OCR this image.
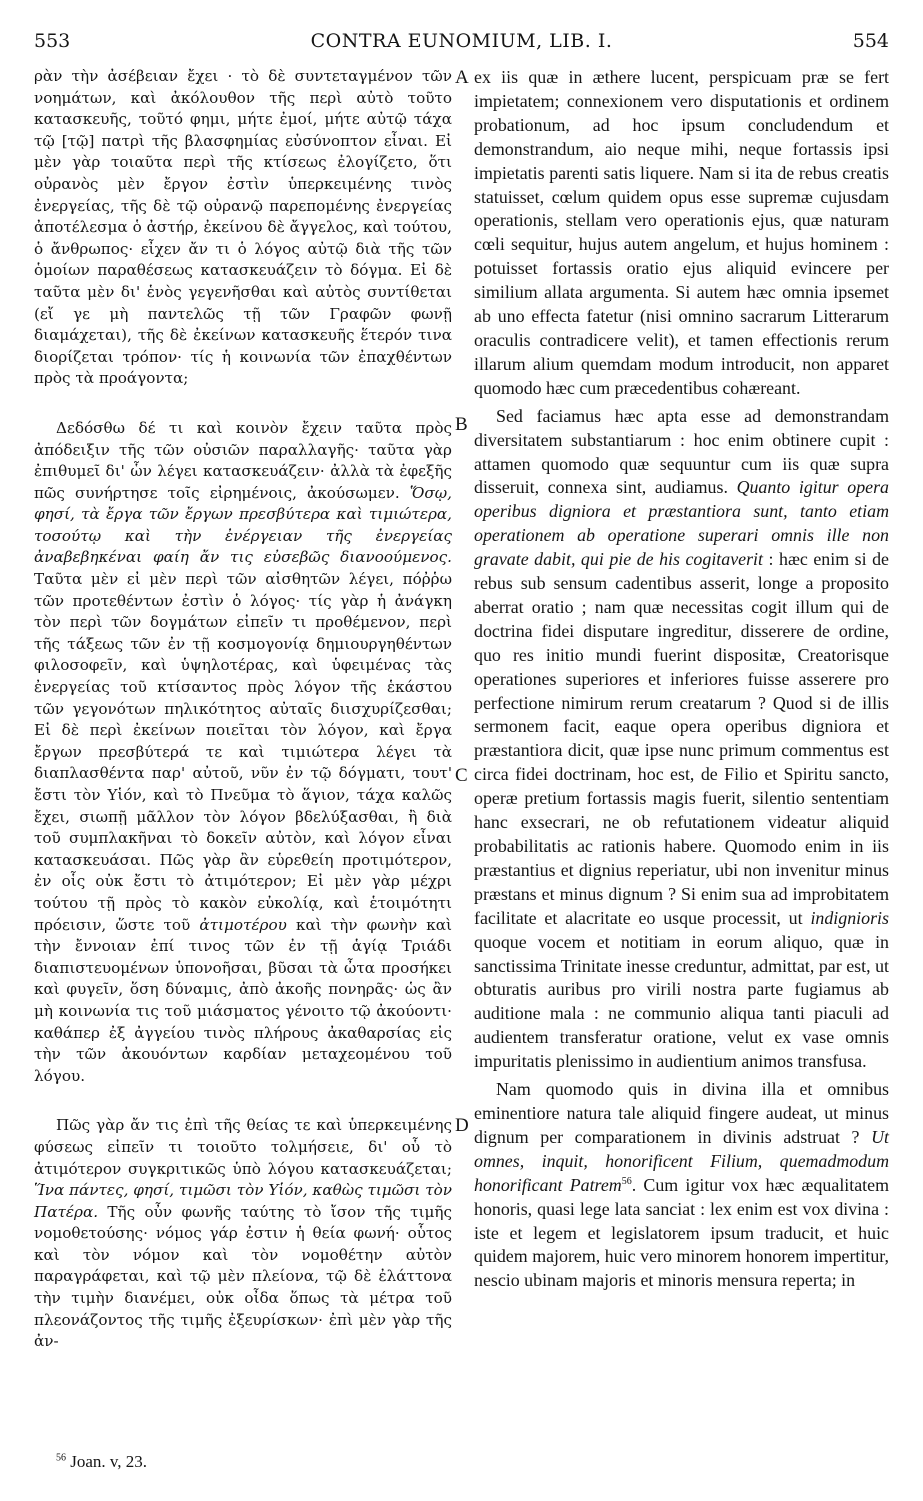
553	CONTRA EUNOMIUM, LIB. I.	554

ρὰν τὴν ἀσέβειαν ἔχει · τὸ δὲ συντεταγμένον τῶν νοημάτων, καὶ ἀκόλουθον τῆς περὶ αὐτὸ τοῦτο κατασκευῆς, τοῦτό φημι, μήτε ἐμοί, μήτε αὐτῷ τάχα τῷ [τῷ] πατρὶ τῆς βλασφημίας εὐσύνοπτον εἶναι. Εἰ μὲν γὰρ τοιαῦτα περὶ τῆς κτίσεως ἐλογίζετο, ὅτι οὐρανὸς μὲν ἔργον ἐστὶν ὑπερκειμένης τινὸς ἐνεργείας, τῆς δὲ τῷ οὐρανῷ παρεπομένης ἐνεργείας ἀποτέλεσμα ὁ ἀστήρ, ἐκείνου δὲ ἄγγελος, καὶ τούτου, ὁ ἄνθρωπος· εἶχεν ἄν τι ὁ λόγος αὐτῷ διὰ τῆς τῶν ὁμοίων παραθέσεως κατασκευάζειν τὸ δόγμα. Εἰ δὲ ταῦτα μὲν δι' ἑνὸς γεγενῆσθαι καὶ αὐτὸς συντίθεται (εἴ γε μὴ παντελῶς τῇ τῶν Γραφῶν φωνῇ διαμάχεται), τῆς δὲ ἐκείνων κατασκευῆς ἕτερόν τινα διορίζεται τρόπον· τίς ἡ κοινωνία τῶν ἐπαχθέντων πρὸς τὰ προάγοντα;

Δεδόσθω δέ τι καὶ κοινὸν ἔχειν ταῦτα πρὸς ἀπόδειξιν τῆς τῶν οὐσιῶν παραλλαγῆς· ταῦτα γὰρ ἐπιθυμεῖ δι' ὧν λέγει κατασκευάζειν· ἀλλὰ τὰ ἐφεξῆς πῶς συνήρτησε τοῖς εἰρημένοις, ἀκούσωμεν. Ὅσῳ, φησί, τὰ ἔργα τῶν ἔργων πρεσβύτερα καὶ τιμιώτερα, τοσούτῳ καὶ τὴν ἐνέργειαν τῆς ἐνεργείας ἀναβεβηκέναι φαίη ἄν τις εὐσεβῶς διανοούμενος. Ταῦτα μὲν εἰ μὲν περὶ τῶν αἰσθητῶν λέγει, πόῤῥω τῶν προτεθέντων ἐστὶν ὁ λόγος· τίς γὰρ ἡ ἀνάγκη τὸν περὶ τῶν δογμάτων εἰπεῖν τι προθέμενον, περὶ τῆς τάξεως τῶν ἐν τῇ κοσμογονίᾳ δημιουργηθέντων φιλοσοφεῖν, καὶ ὑψηλοτέρας, καὶ ὑφειμένας τὰς ἐνεργείας τοῦ κτίσαντος πρὸς λόγον τῆς ἑκάστου τῶν γεγονότων πηλικότητος αὐταῖς διισχυρίζεσθαι; Εἰ δὲ περὶ ἐκείνων ποιεῖται τὸν λόγον, καὶ ἔργα ἔργων πρεσβύτερά τε καὶ τιμιώτερα λέγει τὰ διαπλασθέντα παρ' αὐτοῦ, νῦν ἐν τῷ δόγματι, τουτ' ἔστι τὸν Υἱόν, καὶ τὸ Πνεῦμα τὸ ἅγιον, τάχα καλῶς ἔχει, σιωπῇ μᾶλλον τὸν λόγον βδελύξασθαι, ἢ διὰ τοῦ συμπλακῆναι τὸ δοκεῖν αὐτὸν, καὶ λόγον εἶναι κατασκευάσαι. Πῶς γὰρ ἂν εὑρεθείη προτιμότερον, ἐν οἷς οὐκ ἔστι τὸ ἀτιμότερον; Εἰ μὲν γὰρ μέχρι τούτου τῇ πρὸς τὸ κακὸν εὐκολίᾳ, καὶ ἑτοιμότητι πρόεισιν, ὥστε τοῦ ἀτιμοτέρου καὶ τὴν φωνὴν καὶ τὴν ἔννοιαν ἐπί τινος τῶν ἐν τῇ ἁγίᾳ Τριάδι διαπιστευομένων ὑπονοῆσαι, βῦσαι τὰ ὦτα προσήκει καὶ φυγεῖν, ὅση δύναμις, ἀπὸ ἀκοῆς πονηρᾶς· ὡς ἂν μὴ κοινωνία τις τοῦ μιάσματος γένοιτο τῷ ἀκούοντι· καθάπερ ἐξ ἀγγείου τινὸς πλήρους ἀκαθαρσίας εἰς τὴν τῶν ἀκουόντων καρδίαν μεταχεομένου τοῦ λόγου.

Πῶς γὰρ ἄν τις ἐπὶ τῆς θείας τε καὶ ὑπερκειμένης φύσεως εἰπεῖν τι τοιοῦτο τολμήσειε, δι' οὗ τὸ ἀτιμότερον συγκριτικῶς ὑπὸ λόγου κατασκευάζεται; Ἵνα πάντες, φησί, τιμῶσι τὸν Υἱόν, καθὼς τιμῶσι τὸν Πατέρα. Τῆς οὖν φωνῆς ταύτης τὸ ἴσον τῆς τιμῆς νομοθετούσης· νόμος γάρ ἐστιν ἡ θεία φωνή· οὗτος καὶ τὸν νόμον καὶ τὸν νομοθέτην αὐτὸν παραγράφεται, καὶ τῷ μὲν πλείονα, τῷ δὲ ἐλάττονα τὴν τιμὴν διανέμει, οὐκ οἶδα ὅπως τὰ μέτρα τοῦ πλεονάζοντος τῆς τιμῆς ἐξευρίσκων· ἐπὶ μὲν γὰρ τῆς ἀν-

A
B
C
D

ex iis quæ in æthere lucent, perspicuam præ se fert impietatem; connexionem vero disputationis et ordinem probationum, ad hoc ipsum concludendum et demonstrandum, aio neque mihi, neque fortassis ipsi impietatis parenti satis liquere. Nam si ita de rebus creatis statuisset, cœlum quidem opus esse supremæ cujusdam operationis, stellam vero operationis ejus, quæ naturam cœli sequitur, hujus autem angelum, et hujus hominem : potuisset fortassis oratio ejus aliquid evincere per similium allata argumenta. Si autem hæc omnia ipsemet ab uno effecta fatetur (nisi omnino sacrarum Litterarum oraculis contradicere velit), et tamen effectionis rerum illarum alium quemdam modum introducit, non apparet quomodo hæc cum præcedentibus cohæreant.

Sed faciamus hæc apta esse ad demonstrandam diversitatem substantiarum : hoc enim obtinere cupit : attamen quomodo quæ sequuntur cum iis quæ supra disseruit, connexa sint, audiamus. Quanto igitur opera operibus digniora et præstantiora sunt, tanto etiam operationem ab operatione superari omnis ille non gravate dabit, qui pie de his cogitaverit : hæc enim si de rebus sub sensum cadentibus asserit, longe a proposito aberrat oratio ; nam quæ necessitas cogit illum qui de doctrina fidei disputare ingreditur, disserere de ordine, quo res initio mundi fuerint dispositæ, Creatorisque operationes superiores et inferiores fuisse asserere pro perfectione nimirum rerum creatarum ? Quod si de illis sermonem facit, eaque opera operibus digniora et præstantiora dicit, quæ ipse nunc primum commentus est circa fidei doctrinam, hoc est, de Filio et Spiritu sancto, operæ pretium fortassis magis fuerit, silentio sententiam hanc exsecrari, ne ob refutationem videatur aliquid probabilitatis ac rationis habere. Quomodo enim in iis præstantius et dignius reperiatur, ubi non invenitur minus præstans et minus dignum ? Si enim sua ad improbitatem facilitate et alacritate eo usque processit, ut indignioris quoque vocem et notitiam in eorum aliquo, quæ in sanctissima Trinitate inesse creduntur, admittat, par est, ut obturatis auribus pro virili nostra parte fugiamus ab auditione mala : ne communio aliqua tanti piaculi ad audientem transferatur oratione, velut ex vase omnis impuritatis plenissimo in audientium animos transfusa.

Nam quomodo quis in divina illa et omnibus eminentiore natura tale aliquid fingere audeat, ut minus dignum per comparationem in divinis adstruat ? Ut omnes, inquit, honorificent Filium, quemadmodum honorificant Patrem$^{56}$. Cum igitur vox hæc æqualitatem honoris, quasi lege lata sanciat : lex enim est vox divina : iste et legem et legislatorem ipsum traducit, et huic quidem majorem, huic vero minorem honorem impertitur, nescio ubinam majoris et minoris mensura reperta; in

$^{56}$ Joan. v, 23.
